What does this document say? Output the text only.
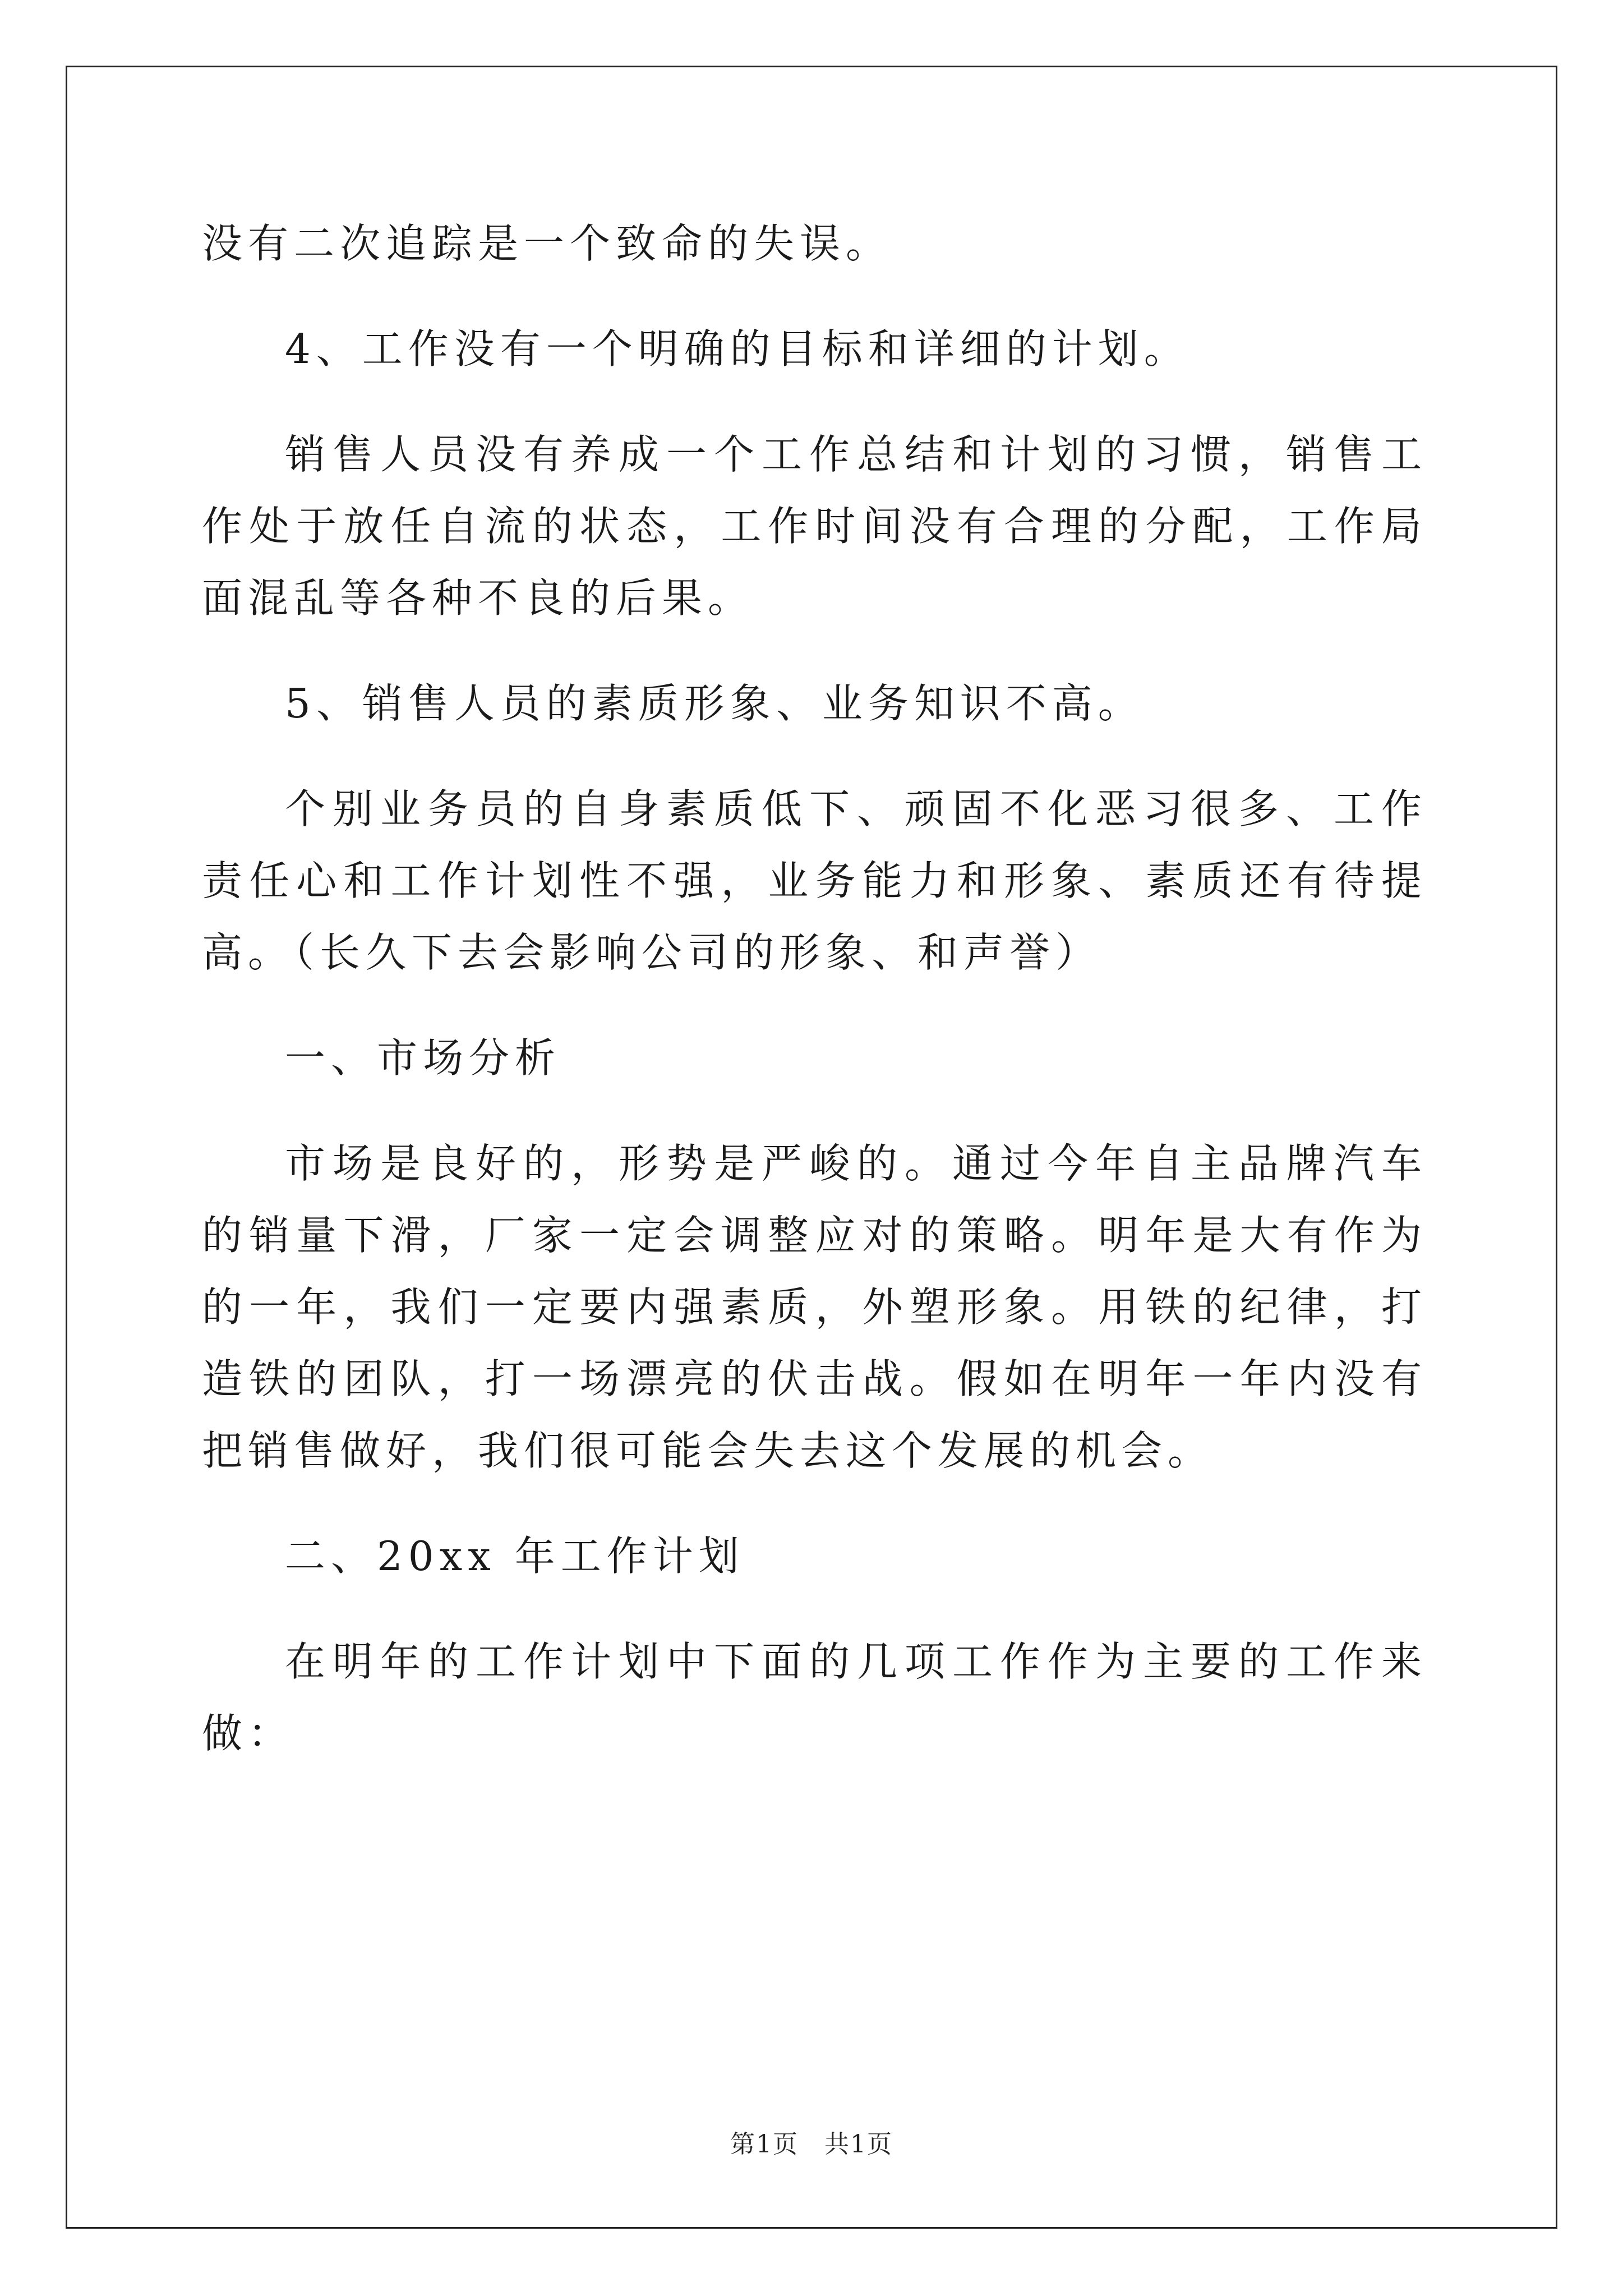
没有二次追踪是一个致命的失误。

4、工作没有一个明确的目标和详细的计划。

销售人员没有养成一个工作总结和计划的习惯，销售工作处于放任自流的状态，工作时间没有合理的分配，工作局面混乱等各种不良的后果。

5、销售人员的素质形象、业务知识不高。

个别业务员的自身素质低下、顽固不化恶习很多、工作责任心和工作计划性不强，业务能力和形象、素质还有待提高。（长久下去会影响公司的形象、和声誉）

一、市场分析

市场是良好的，形势是严峻的。通过今年自主品牌汽车的销量下滑，厂家一定会调整应对的策略。明年是大有作为的一年，我们一定要内强素质，外塑形象。用铁的纪律，打造铁的团队，打一场漂亮的伏击战。假如在明年一年内没有把销售做好，我们很可能会失去这个发展的机会。

二、20xx 年工作计划

在明年的工作计划中下面的几项工作作为主要的工作来做：

第1页　共1页
